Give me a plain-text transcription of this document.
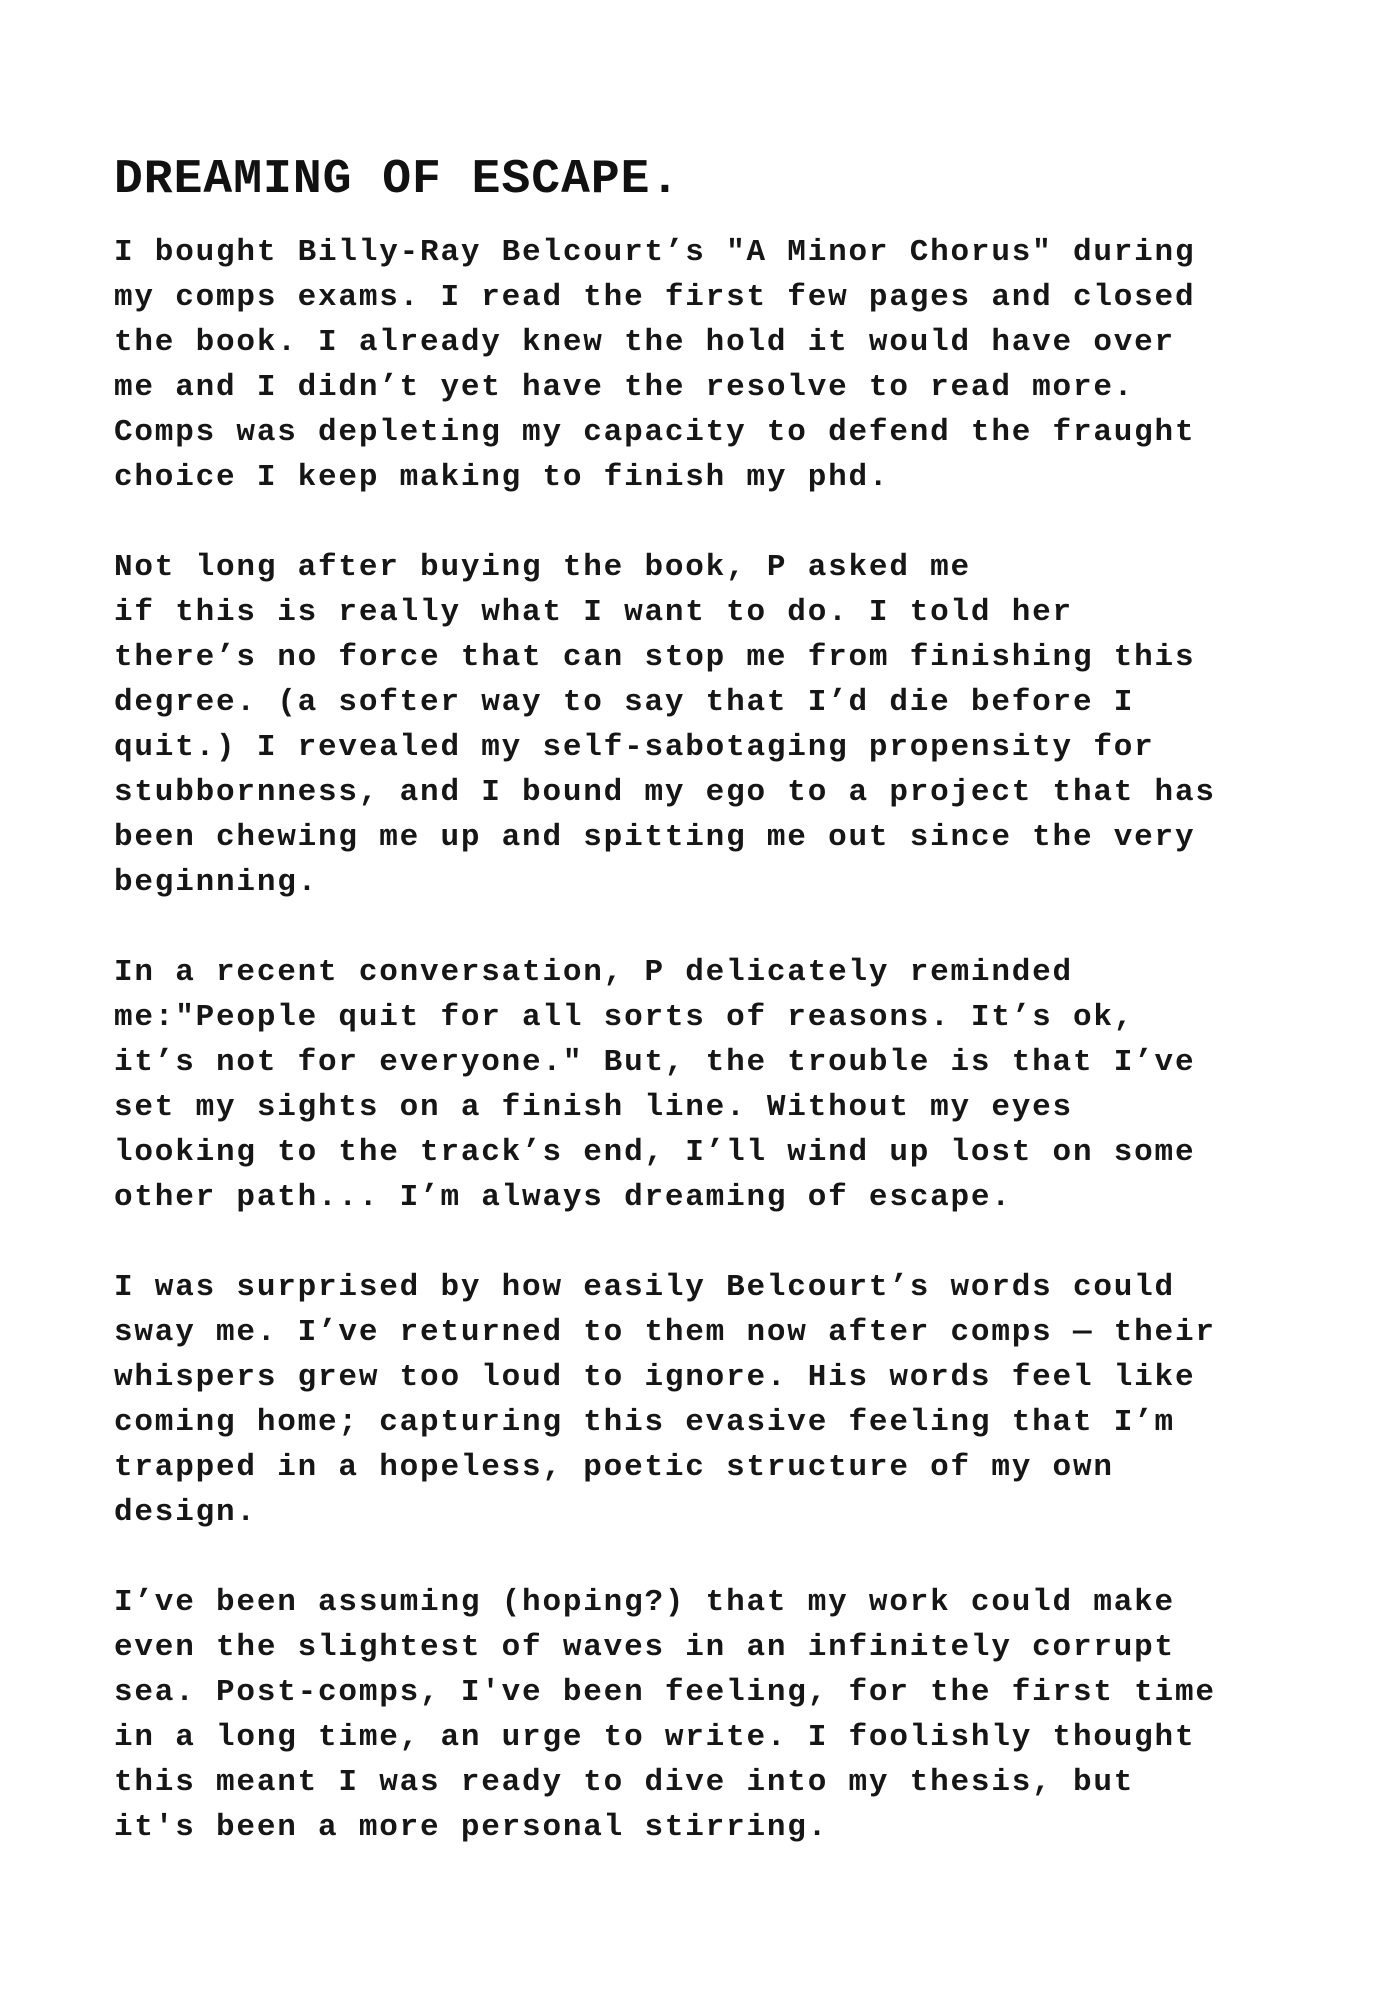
DREAMING OF ESCAPE.
I bought Billy-Ray Belcourt’s "A Minor Chorus" during
my comps exams. I read the first few pages and closed
the book. I already knew the hold it would have over
me and I didn’t yet have the resolve to read more.
Comps was depleting my capacity to defend the fraught
choice I keep making to finish my phd.
Not long after buying the book, P asked me
if this is really what I want to do. I told her
there’s no force that can stop me from finishing this
degree. (a softer way to say that I’d die before I
quit.) I revealed my self-sabotaging propensity for
stubbornness, and I bound my ego to a project that has
been chewing me up and spitting me out since the very
beginning.
In a recent conversation, P delicately reminded
me:"People quit for all sorts of reasons. It’s ok,
it’s not for everyone." But, the trouble is that I’ve
set my sights on a finish line. Without my eyes
looking to the track’s end, I’ll wind up lost on some
other path... I’m always dreaming of escape.
I was surprised by how easily Belcourt’s words could
sway me. I’ve returned to them now after comps — their
whispers grew too loud to ignore. His words feel like
coming home; capturing this evasive feeling that I’m
trapped in a hopeless, poetic structure of my own
design.
I’ve been assuming (hoping?) that my work could make
even the slightest of waves in an infinitely corrupt
sea. Post-comps, I've been feeling, for the first time
in a long time, an urge to write. I foolishly thought
this meant I was ready to dive into my thesis, but
it's been a more personal stirring.
